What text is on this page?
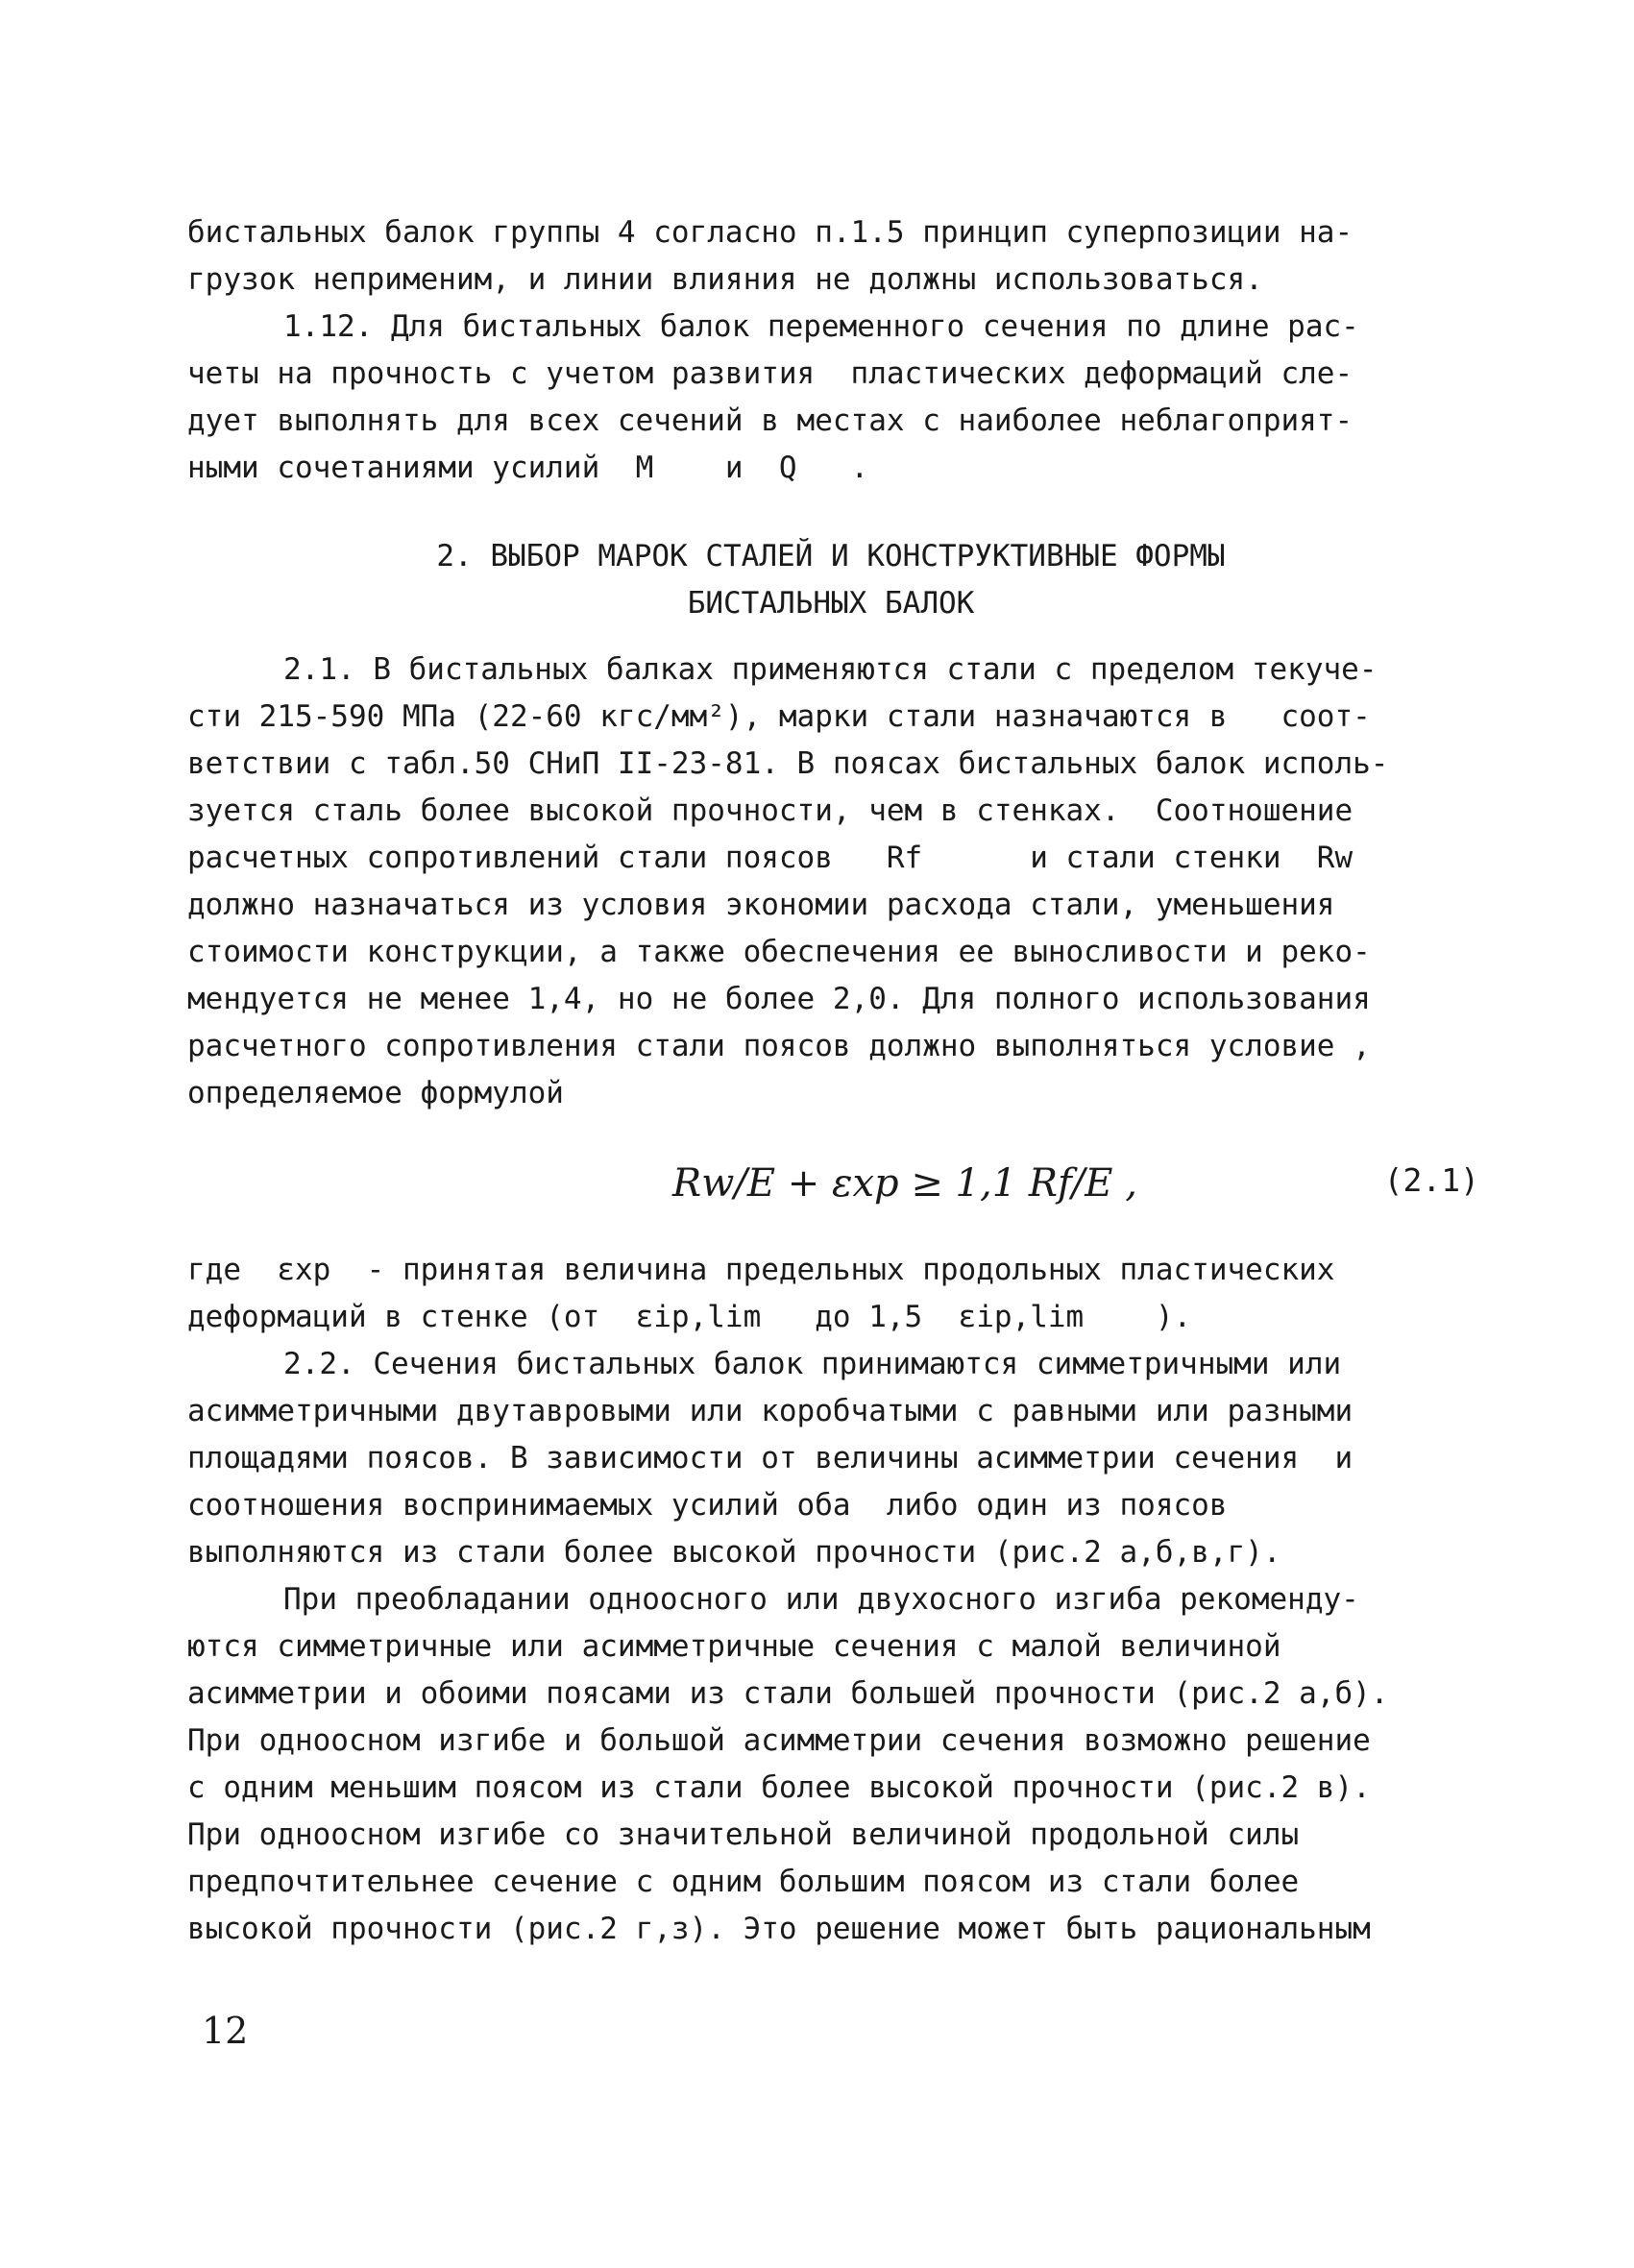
бистальных балок группы 4 согласно п.1.5 принцип суперпозиции на-
грузок неприменим, и линии влияния не должны использоваться.
1.12. Для бистальных балок переменного сечения по длине рас-
четы на прочность с учетом развития  пластических деформаций сле-
дует выполнять для всех сечений в местах с наиболее неблагоприят-
ными сочетаниями усилий  M    и  Q   .
2. ВЫБОР МАРОК СТАЛЕЙ И КОНСТРУКТИВНЫЕ ФОРМЫ
БИСТАЛЬНЫХ БАЛОК
2.1. В бистальных балках применяются стали с пределом текуче-
сти 215-590 МПа (22-60 кгс/мм²), марки стали назначаются в   соот-
ветствии с табл.50 СНиП II-23-81. В поясах бистальных балок исполь-
зуется сталь более высокой прочности, чем в стенках.  Соотношение
расчетных сопротивлений стали поясов   Rf      и стали стенки  Rw
должно назначаться из условия экономии расхода стали, уменьшения
стоимости конструкции, а также обеспечения ее выносливости и реко-
мендуется не менее 1,4, но не более 2,0. Для полного использования
расчетного сопротивления стали поясов должно выполняться условие ,
определяемое формулой
Rw/E + εxp ≥ 1,1 Rf/E ,	(2.1)
где  εxp  - принятая величина предельных продольных пластических
деформаций в стенке (от  εip,lim   до 1,5  εip,lim    ).
2.2. Сечения бистальных балок принимаются симметричными или
асимметричными двутавровыми или коробчатыми с равными или разными
площадями поясов. В зависимости от величины асимметрии сечения  и
соотношения воспринимаемых усилий оба  либо один из поясов
выполняются из стали более высокой прочности (рис.2 а,б,в,г).
При преобладании одноосного или двухосного изгиба рекоменду-
ются симметричные или асимметричные сечения с малой величиной
асимметрии и обоими поясами из стали большей прочности (рис.2 а,б).
При одноосном изгибе и большой асимметрии сечения возможно решение
с одним меньшим поясом из стали более высокой прочности (рис.2 в).
При одноосном изгибе со значительной величиной продольной силы
предпочтительнее сечение с одним большим поясом из стали более
высокой прочности (рис.2 г,з). Это решение может быть рациональным
12
